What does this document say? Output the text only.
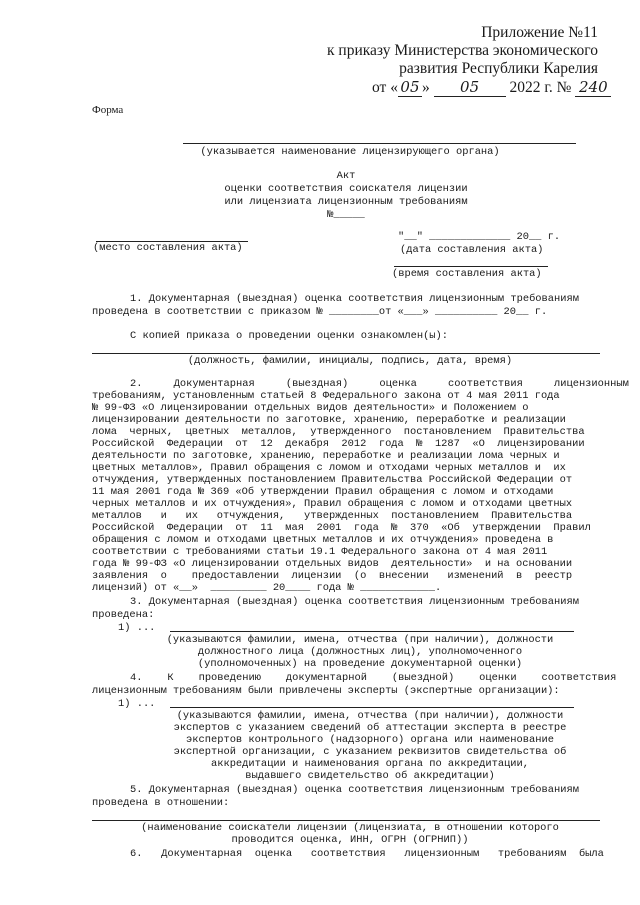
Приложение №11
к приказу Министерства экономического
развития Республики Карелия
от « 05 » 05 2022 г. № 240
Форма
(указывается наименование лицензирующего органа)
Акт
оценки соответствия соискателя лицензии
или лицензиата лицензионным требованиям
№_____
(место составления акта)
"__" _____________ 20__ г.
(дата составления акта)
(время составления акта)
1. Документарная (выездная) оценка соответствия лицензионным требованиям
проведена в соответствии с приказом № ________от «___» __________ 20__ г.
С копией приказа о проведении оценки ознакомлен(ы):
(должность, фамилии, инициалы, подпись, дата, время)
2.     Документарная     (выездная)     оценка     соответствия     лицензионным
требованиям, установленным статьей 8 Федерального закона от 4 мая 2011 года
№ 99-ФЗ «О лицензировании отдельных видов деятельности» и Положением о
лицензировании деятельности по заготовке, хранению, переработке и реализации
лома  черных,  цветных  металлов,  утвержденного  постановлением  Правительства
Российской  Федерации  от  12  декабря  2012  года  №  1287  «О  лицензировании
деятельности по заготовке, хранению, переработке и реализации лома черных и
цветных металлов», Правил обращения с ломом и отходами черных металлов и  их
отчуждения, утвержденных постановлением Правительства Российской Федерации от
11 мая 2001 года № 369 «Об утверждении Правил обращения с ломом и отходами
черных металлов и их отчуждения», Правил обращения с ломом и отходами цветных
металлов   и   их   отчуждения,   утвержденных  постановлением  Правительства
Российской  Федерации  от  11  мая  2001  года  №  370  «Об  утверждении  Правил
обращения с ломом и отходами цветных металлов и их отчуждения» проведена в
соответствии с требованиями статьи 19.1 Федерального закона от 4 мая 2011
года № 99-ФЗ «О лицензировании отдельных видов  деятельности»  и на основании
заявления  о    предоставлении  лицензии  (о  внесении   изменений  в  реестр
лицензий) от «__»  _________ 20____ года № ____________.
3. Документарная (выездная) оценка соответствия лицензионным требованиям
проведена:
1) ...
(указываются фамилии, имена, отчества (при наличии), должности
должностного лица (должностных лиц), уполномоченного
(уполномоченных) на проведение документарной оценки)
4.    К    проведению    документарной    (выездной)    оценки    соответствия
лицензионным требованиям были привлечены эксперты (экспертные организации):
1) ...
(указываются фамилии, имена, отчества (при наличии), должности
экспертов с указанием сведений об аттестации эксперта в реестре
экспертов контрольного (надзорного) органа или наименование
экспертной организации, с указанием реквизитов свидетельства об
аккредитации и наименования органа по аккредитации,
выдавшего свидетельство об аккредитации)
5. Документарная (выездная) оценка соответствия лицензионным требованиям
проведена в отношении:
(наименование соискатели лицензии (лицензиата, в отношении которого
проводится оценка, ИНН, ОГРН (ОГРНИП))
6.   Документарная  оценка   соответствия   лицензионным   требованиям  была
